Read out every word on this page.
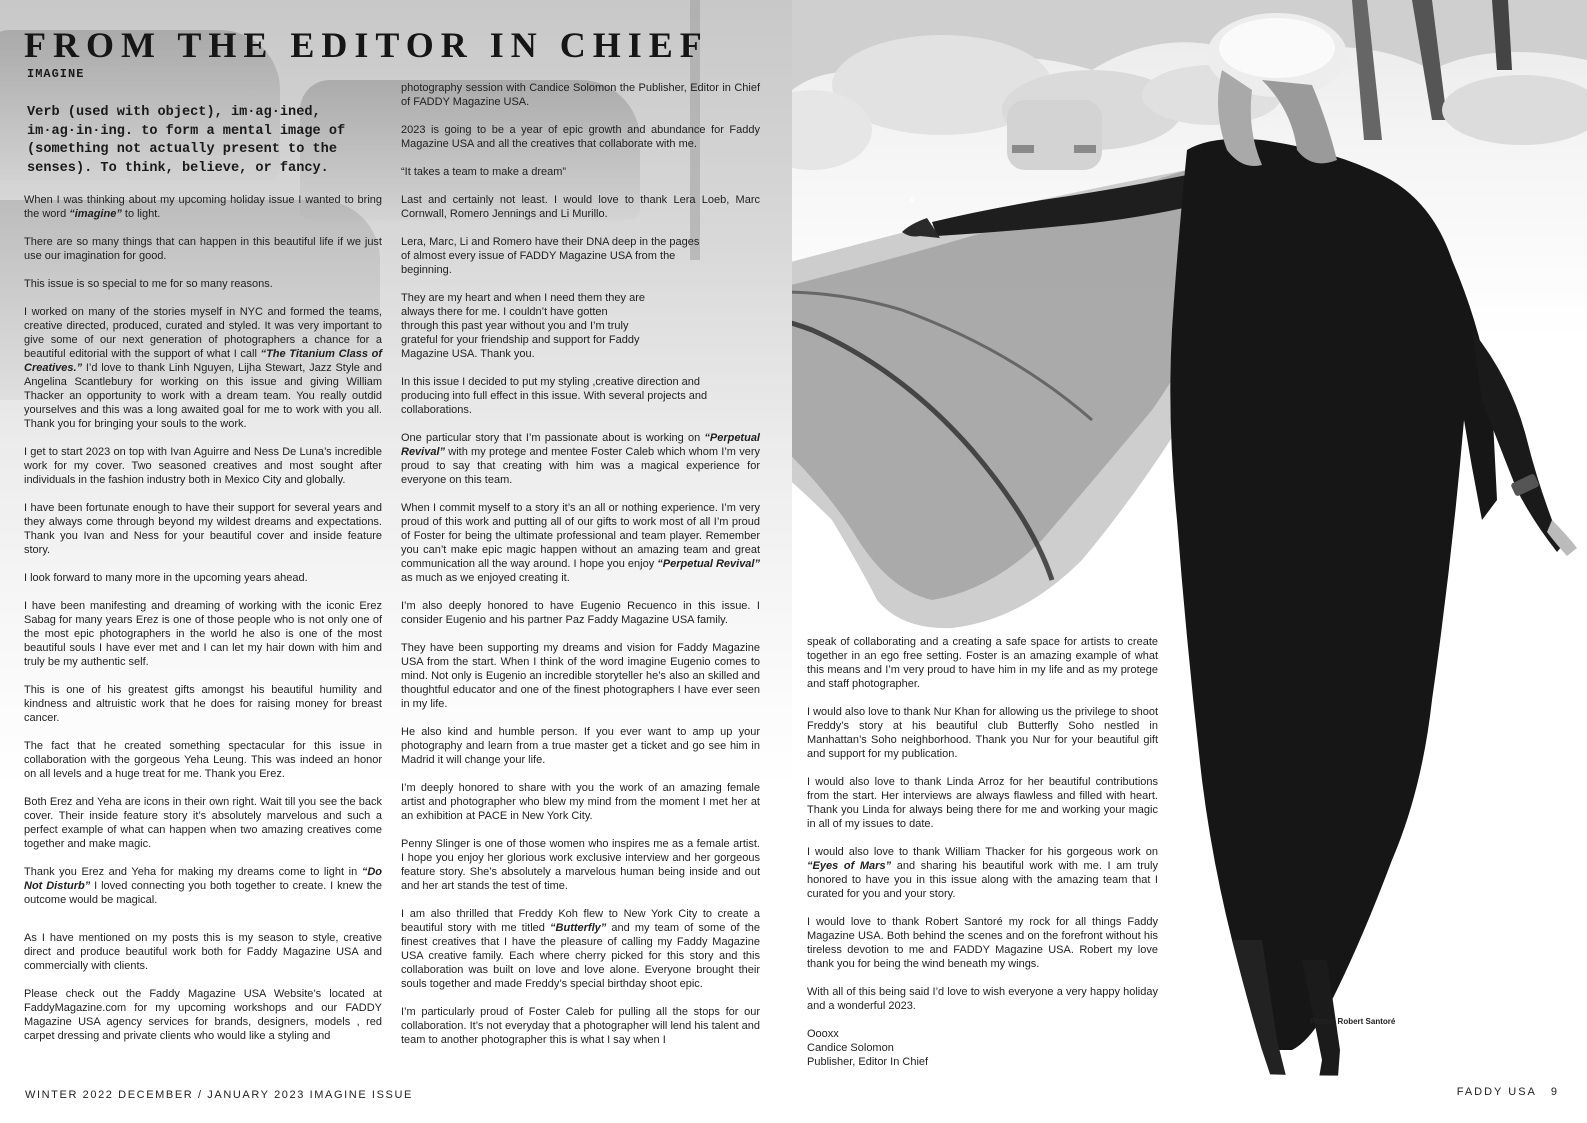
FROM THE EDITOR IN CHIEF

IMAGINE

Verb (used with object), im·ag·ined, im·ag·in·ing. to form a mental image of (something not actually present to the senses). To think, believe, or fancy.

When I was thinking about my upcoming holiday issue I wanted to bring the word “imagine” to light.

There are so many things that can happen in this beautiful life if we just use our imagination for good.

This issue is so special to me for so many reasons.

I worked on many of the stories myself in NYC and formed the teams, creative directed, produced, curated and styled. It was very important to give some of our next generation of photographers a chance for a beautiful editorial with the support of what I call “The Titanium Class of Creatives.” I’d love to thank Linh Nguyen, Lijha Stewart, Jazz Style and Angelina Scantlebury for working on this issue and giving William Thacker an opportunity to work with a dream team. You really outdid yourselves and this was a long awaited goal for me to work with you all. Thank you for bringing your souls to the work.

I get to start 2023 on top with Ivan Aguirre and Ness De Luna’s incredible work for my cover. Two seasoned creatives and most sought after individuals in the fashion industry both in Mexico City and globally.

I have been fortunate enough to have their support for several years and they always come through beyond my wildest dreams and expectations. Thank you Ivan and Ness for your beautiful cover and inside feature story.

I look forward to many more in the upcoming years ahead.

I have been manifesting and dreaming of working with the iconic Erez Sabag for many years Erez is one of those people who is not only one of the most epic photographers in the world he also is one of the most beautiful souls I have ever met and I can let my hair down with him and truly be my authentic self.

This is one of his greatest gifts amongst his beautiful humility and kindness and altruistic work that he does for raising money for breast cancer.

The fact that he created something spectacular for this issue in collaboration with the gorgeous Yeha Leung. This was indeed an honor on all levels and a huge treat for me. Thank you Erez.

Both Erez and Yeha are icons in their own right. Wait till you see the back cover. Their inside feature story it’s absolutely marvelous and such a perfect example of what can happen when two amazing creatives come together and make magic.

Thank you Erez and Yeha for making my dreams come to light in “Do Not Disturb” I loved connecting you both together to create. I knew the outcome would be magical.

As I have mentioned on my posts this is my season to style, creative direct and produce beautiful work both for Faddy Magazine USA and commercially with clients.

Please check out the Faddy Magazine USA Website’s located at FaddyMagazine.com for my upcoming workshops and our FADDY Magazine USA agency services for brands, designers, models , red carpet dressing and private clients who would like a styling and

photography session with Candice Solomon the Publisher, Editor in Chief of FADDY Magazine USA.

2023 is going to be a year of epic growth and abundance for Faddy Magazine USA and all the creatives that collaborate with me.

“It takes a team to make a dream”

Last and certainly not least. I would love to thank Lera Loeb, Marc Cornwall, Romero Jennings and Li Murillo.

Lera, Marc, Li and Romero have their DNA deep in the pages of almost every issue of FADDY Magazine USA from the beginning.

They are my heart and when I need them they are always there for me. I couldn’t have gotten through this past year without you and I’m truly grateful for your friendship and support for Faddy Magazine USA. Thank you.

In this issue I decided to put my styling ,creative direction and producing into full effect in this issue. With several projects and collaborations.

One particular story that I’m passionate about is working on “Perpetual Revival” with my protege and mentee Foster Caleb which whom I’m very proud to say that creating with him was a magical experience for everyone on this team.

When I commit myself to a story it’s an all or nothing experience. I’m very proud of this work and putting all of our gifts to work most of all I’m proud of Foster for being the ultimate professional and team player. Remember you can’t make epic magic happen without an amazing team and great communication all the way around. I hope you enjoy “Perpetual Revival” as much as we enjoyed creating it.

I’m also deeply honored to have Eugenio Recuenco in this issue. I consider Eugenio and his partner Paz Faddy Magazine USA family.

They have been supporting my dreams and vision for Faddy Magazine USA from the start. When I think of the word imagine Eugenio comes to mind. Not only is Eugenio an incredible storyteller he’s also an skilled and thoughtful educator and one of the finest photographers I have ever seen in my life.

He also kind and humble person. If you ever want to amp up your photography and learn from a true master get a ticket and go see him in Madrid it will change your life.

I’m deeply honored to share with you the work of an amazing female artist and photographer who blew my mind from the moment I met her at an exhibition at PACE in New York City.

Penny Slinger is one of those women who inspires me as a female artist. I hope you enjoy her glorious work exclusive interview and her gorgeous feature story. She’s absolutely a marvelous human being inside and out and her art stands the test of time.

I am also thrilled that Freddy Koh flew to New York City to create a beautiful story with me titled “Butterfly” and my team of some of the finest creatives that I have the pleasure of calling my Faddy Magazine USA creative family. Each where cherry picked for this story and this collaboration was built on love and love alone. Everyone brought their souls together and made Freddy’s special birthday shoot epic.

I’m particularly proud of Foster Caleb for pulling all the stops for our collaboration. It’s not everyday that a photographer will lend his talent and team to another photographer this is what I say when I

speak of collaborating and a creating a safe space for artists to create together in an ego free setting. Foster is an amazing example of what this means and I’m very proud to have him in my life and as my protege and staff photographer.

I would also love to thank Nur Khan for allowing us the privilege to shoot Freddy’s story at his beautiful club Butterfly Soho nestled in Manhattan’s Soho neighborhood. Thank you Nur for your beautiful gift and support for my publication.

I would also love to thank Linda Arroz for her beautiful contributions from the start. Her interviews are always flawless and filled with heart. Thank you Linda for always being there for me and working your magic in all of my issues to date.

I would also love to thank William Thacker for his gorgeous work on “Eyes of Mars” and sharing his beautiful work with me. I am truly honored to have you in this issue along with the amazing team that I curated for you and your story.

I would love to thank Robert Santoré my rock for all things Faddy Magazine USA. Both behind the scenes and on the forefront without his tireless devotion to me and FADDY Magazine USA. Robert my love thank you for being the wind beneath my wings.

With all of this being said I’d love to wish everyone a very happy holiday and a wonderful 2023.

Oooxx
Candice Solomon
Publisher, Editor In Chief

Photo: Robert Santoré

WINTER 2022 DECEMBER / JANUARY 2023 IMAGINE ISSUE	FADDY USA 9
